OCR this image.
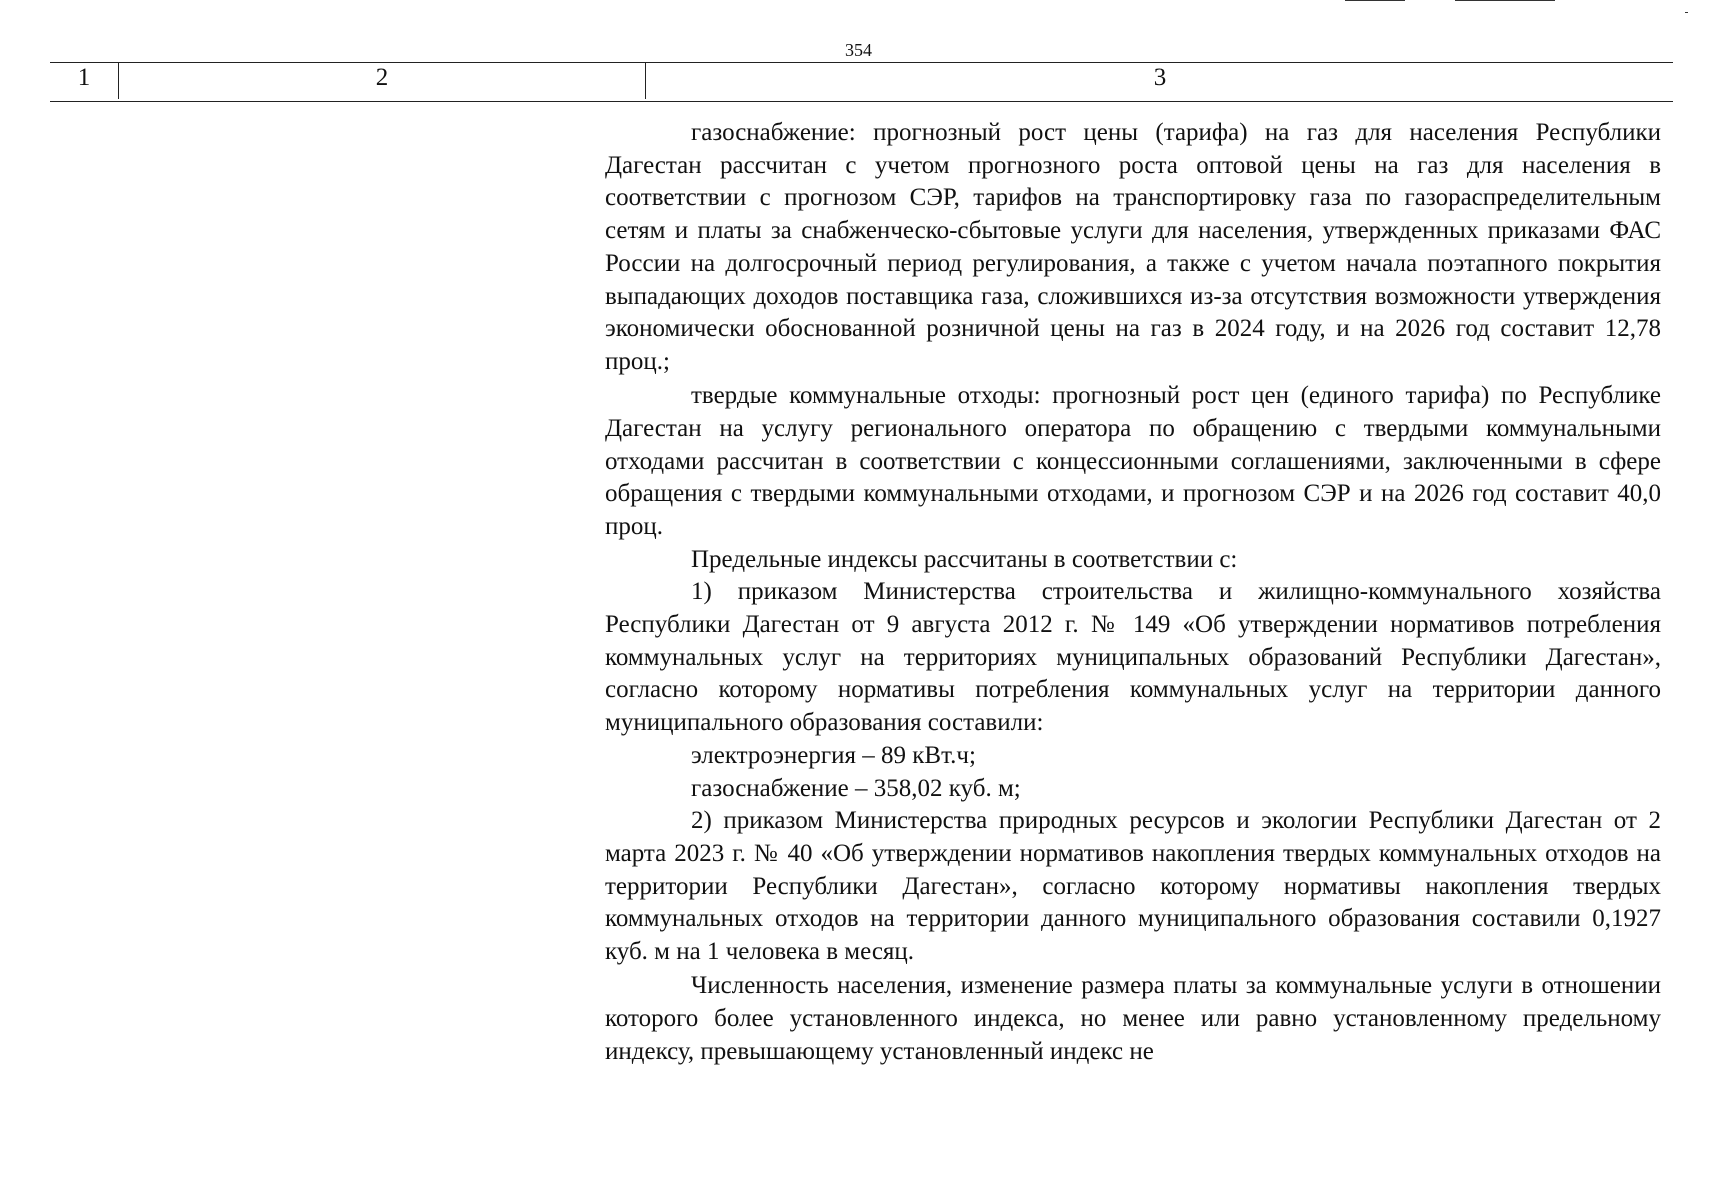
354
1	2	3

газоснабжение: прогнозный рост цены (тарифа) на газ для населения Республики Дагестан рассчитан с учетом прогнозного роста оптовой цены на газ для населения в соответствии с прогнозом СЭР, тарифов на транспортировку газа по газораспределительным сетям и платы за снабженческо-сбытовые услуги для населения, утвержденных приказами ФАС России на долгосрочный период регулирования, а также с учетом начала поэтапного покрытия выпадающих доходов поставщика газа, сложившихся из-за отсутствия возможности утверждения экономически обоснованной розничной цены на газ в 2024 году, и на 2026 год составит 12,78 проц.;

твердые коммунальные отходы: прогнозный рост цен (единого тарифа) по Республике Дагестан на услугу регионального оператора по обращению с твердыми коммунальными отходами рассчитан в соответствии с концессионными соглашениями, заключенными в сфере обращения с твердыми коммунальными отходами, и прогнозом СЭР и на 2026 год составит 40,0 проц.

Предельные индексы рассчитаны в соответствии с:

1) приказом Министерства строительства и жилищно-коммунального хозяйства Республики Дагестан от 9 августа 2012 г. № 149 «Об утверждении нормативов потребления коммунальных услуг на территориях муниципальных образований Республики Дагестан», согласно которому нормативы потребления коммунальных услуг на территории данного муниципального образования составили:

электроэнергия – 89 кВт.ч;

газоснабжение – 358,02 куб. м;

2) приказом Министерства природных ресурсов и экологии Республики Дагестан от 2 марта 2023 г. № 40 «Об утверждении нормативов накопления твердых коммунальных отходов на территории Республики Дагестан», согласно которому нормативы накопления твердых коммунальных отходов на территории данного муниципального образования составили 0,1927 куб. м на 1 человека в месяц.

Численность населения, изменение размера платы за коммунальные услуги в отношении которого более установленного индекса, но менее или равно установленному предельному индексу, превышающему установленный индекс не
